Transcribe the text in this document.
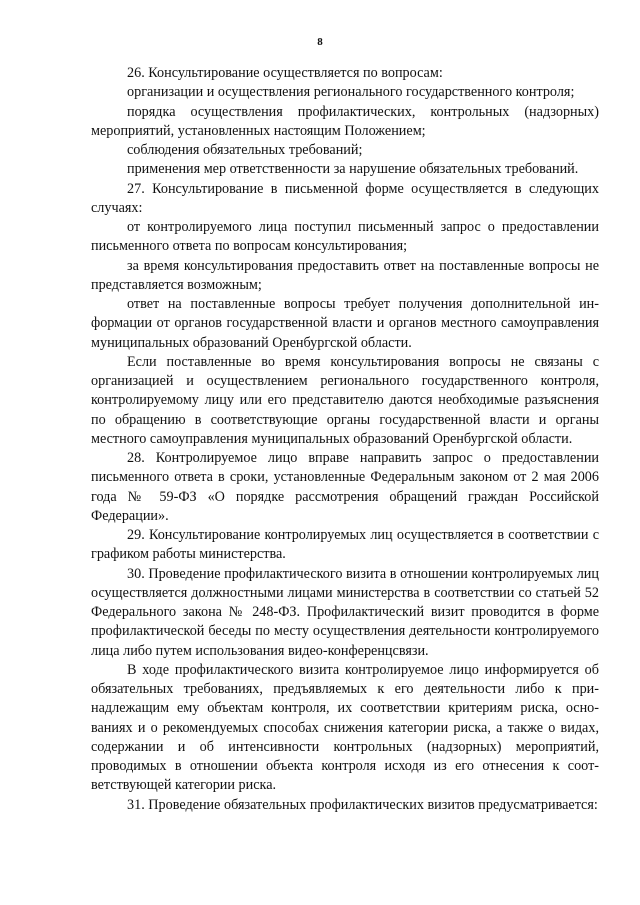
8

26. Консультирование осуществляется по вопросам:

организации и осуществления регионального государственного контроля;

порядка осуществления профилактических, контрольных (надзорных) мероприятий, установленных настоящим Положением;

соблюдения обязательных требований;

применения мер ответственности за нарушение обязательных требований.

27. Консультирование в письменной форме осуществляется в следующих случаях:

от контролируемого лица поступил письменный запрос о предоставлении письменного ответа по вопросам консультирования;

за время консультирования предоставить ответ на поставленные вопросы не представляется возможным;

ответ на поставленные вопросы требует получения дополнительной информации от органов государственной власти и органов местного самоуправления муниципальных образований Оренбургской области.

Если поставленные во время консультирования вопросы не связаны с организацией и осуществлением регионального государственного контроля, контролируемому лицу или его представителю даются необходимые разъяснения по обращению в соответствующие органы государственной власти и органы местного самоуправления муниципальных образований Оренбургской области.

28. Контролируемое лицо вправе направить запрос о предоставлении письменного ответа в сроки, установленные Федеральным законом от 2 мая 2006 года № 59-ФЗ «О порядке рассмотрения обращений граждан Российской Федерации».

29. Консультирование контролируемых лиц осуществляется в соответствии с графиком работы министерства.

30. Проведение профилактического визита в отношении контролируемых лиц осуществляется должностными лицами министерства в соответствии со статьей 52 Федерального закона № 248-ФЗ. Профилактический визит проводится в форме профилактической беседы по месту осуществления деятельности контролируемого лица либо путем использования видео-конференцсвязи.

В ходе профилактического визита контролируемое лицо информируется об обязательных требованиях, предъявляемых к его деятельности либо к принадлежащим ему объектам контроля, их соответствии критериям риска, основаниях и о рекомендуемых способах снижения категории риска, а также о видах, содержании и об интенсивности контрольных (надзорных) мероприятий, проводимых в отношении объекта контроля исходя из его отнесения к соответствующей категории риска.

31. Проведение обязательных профилактических визитов предусматривается:
